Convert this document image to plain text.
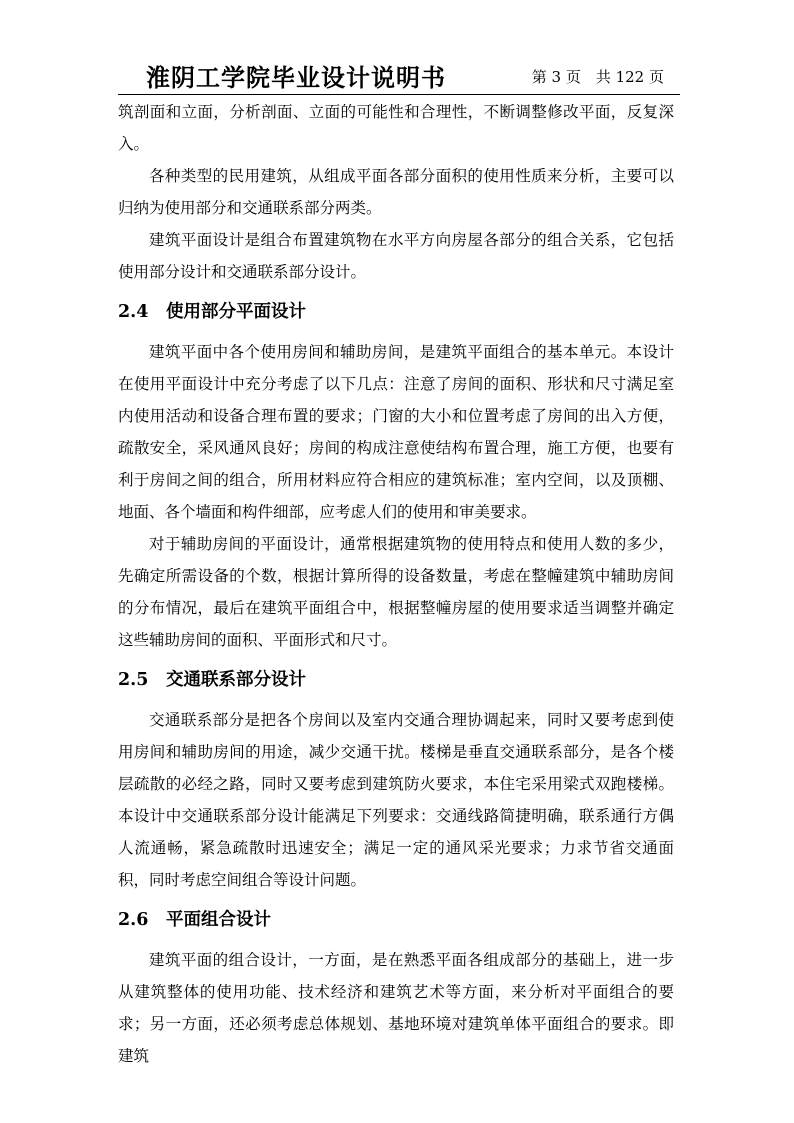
淮阴工学院毕业设计说明书	第 3 页　共 122 页

筑剖面和立面，分析剖面、立面的可能性和合理性，不断调整修改平面，反复深入。

各种类型的民用建筑，从组成平面各部分面积的使用性质来分析，主要可以归纳为使用部分和交通联系部分两类。

建筑平面设计是组合布置建筑物在水平方向房屋各部分的组合关系，它包括使用部分设计和交通联系部分设计。

2.4 使用部分平面设计

建筑平面中各个使用房间和辅助房间，是建筑平面组合的基本单元。本设计在使用平面设计中充分考虑了以下几点：注意了房间的面积、形状和尺寸满足室内使用活动和设备合理布置的要求；门窗的大小和位置考虑了房间的出入方便，疏散安全，采风通风良好；房间的构成注意使结构布置合理，施工方便，也要有利于房间之间的组合，所用材料应符合相应的建筑标准；室内空间，以及顶棚、地面、各个墙面和构件细部，应考虑人们的使用和审美要求。

对于辅助房间的平面设计，通常根据建筑物的使用特点和使用人数的多少，先确定所需设备的个数，根据计算所得的设备数量，考虑在整幢建筑中辅助房间的分布情况，最后在建筑平面组合中，根据整幢房屋的使用要求适当调整并确定这些辅助房间的面积、平面形式和尺寸。

2.5 交通联系部分设计

交通联系部分是把各个房间以及室内交通合理协调起来，同时又要考虑到使用房间和辅助房间的用途，减少交通干扰。楼梯是垂直交通联系部分，是各个楼层疏散的必经之路，同时又要考虑到建筑防火要求，本住宅采用梁式双跑楼梯。本设计中交通联系部分设计能满足下列要求：交通线路简捷明确，联系通行方偶人流通畅，紧急疏散时迅速安全；满足一定的通风采光要求；力求节省交通面积，同时考虑空间组合等设计问题。

2.6 平面组合设计

建筑平面的组合设计，一方面，是在熟悉平面各组成部分的基础上，进一步从建筑整体的使用功能、技术经济和建筑艺术等方面，来分析对平面组合的要求；另一方面，还必须考虑总体规划、基地环境对建筑单体平面组合的要求。即建筑
